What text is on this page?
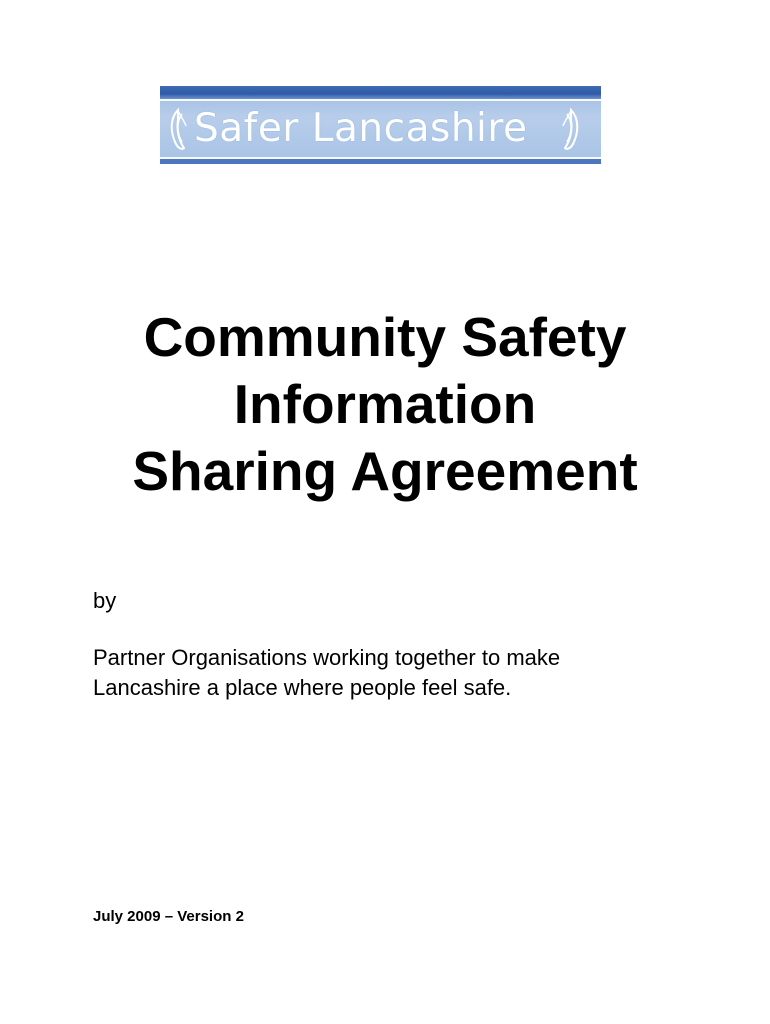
Safer Lancashire
Community Safety
Information
Sharing Agreement

by

Partner Organisations working together to make
Lancashire a place where people feel safe.

July 2009 – Version 2
